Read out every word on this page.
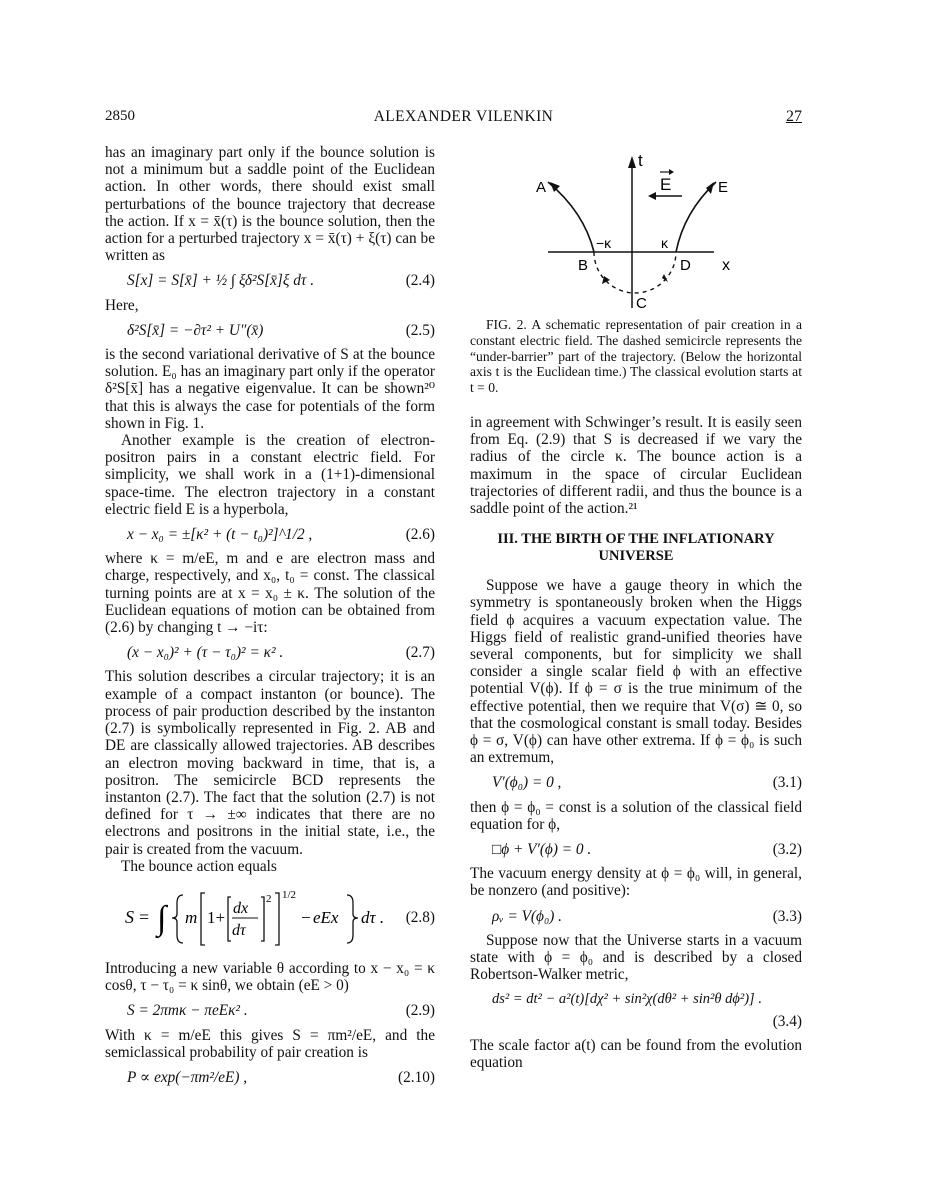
ALEXANDER VILENKIN
2850	27

has an imaginary part only if the bounce solution is not a minimum but a saddle point of the Euclidean action. In other words, there should exist small perturbations of the bounce trajectory that decrease the action. If x = x̄(τ) is the bounce solution, then the action for a perturbed trajectory x = x̄(τ) + ξ(τ) can be written as

S[x] = S[x̄] + ½ ∫ ξδ²S[x̄]ξ dτ .	(2.4)

Here,

δ²S[x̄] = −∂τ² + U″(x̄)	(2.5)

is the second variational derivative of S at the bounce solution. E₀ has an imaginary part only if the operator δ²S[x̄] has a negative eigenvalue. It can be shown²⁰ that this is always the case for potentials of the form shown in Fig. 1.

Another example is the creation of electron-positron pairs in a constant electric field. For simplicity, we shall work in a (1+1)-dimensional space-time. The electron trajectory in a constant electric field E is a hyperbola,

x − x₀ = ±[κ² + (t − t₀)²]^1/2 ,	(2.6)

where κ = m/eE, m and e are electron mass and charge, respectively, and x₀, t₀ = const. The classical turning points are at x = x₀ ± κ. The solution of the Euclidean equations of motion can be obtained from (2.6) by changing t → −iτ:

(x − x₀)² + (τ − τ₀)² = κ² .	(2.7)

This solution describes a circular trajectory; it is an example of a compact instanton (or bounce). The process of pair production described by the instanton (2.7) is symbolically represented in Fig. 2. AB and DE are classically allowed trajectories. AB describes an electron moving backward in time, that is, a positron. The semicircle BCD represents the instanton (2.7). The fact that the solution (2.7) is not defined for τ → ±∞ indicates that there are no electrons and positrons in the initial state, i.e., the pair is created from the vacuum.

The bounce action equals

S = ∫ m 1+ dx
dτ
2 1/2
− eEx dτ . (2.8)

Introducing a new variable θ according to x − x₀ = κ cosθ, τ − τ₀ = κ sinθ, we obtain (eE > 0)

S = 2πmκ − πeEκ² .	(2.9)

With κ = m/eE this gives S = πm²/eE, and the semiclassical probability of pair creation is

P ∝ exp(−πm²/eE) ,	(2.10)
t
x
A	E
B
C
D
−κ	κ
E

FIG. 2. A schematic representation of pair creation in a constant electric field. The dashed semicircle represents the “under-barrier” part of the trajectory. (Below the horizontal axis t is the Euclidean time.) The classical evolution starts at t = 0.

in agreement with Schwinger’s result. It is easily seen from Eq. (2.9) that S is decreased if we vary the radius of the circle κ. The bounce action is a maximum in the space of circular Euclidean trajectories of different radii, and thus the bounce is a saddle point of the action.²¹

III. THE BIRTH OF THE INFLATIONARY UNIVERSE

Suppose we have a gauge theory in which the symmetry is spontaneously broken when the Higgs field ϕ acquires a vacuum expectation value. The Higgs field of realistic grand-unified theories have several components, but for simplicity we shall consider a single scalar field ϕ with an effective potential V(ϕ). If ϕ = σ is the true minimum of the effective potential, then we require that V(σ) ≅ 0, so that the cosmological constant is small today. Besides ϕ = σ, V(ϕ) can have other extrema. If ϕ = ϕ₀ is such an extremum,

V′(ϕ₀) = 0 ,	(3.1)

then ϕ = ϕ₀ = const is a solution of the classical field equation for ϕ,

□ϕ + V′(ϕ) = 0 .	(3.2)

The vacuum energy density at ϕ = ϕ₀ will, in general, be nonzero (and positive):

ρᵥ = V(ϕ₀) .	(3.3)

Suppose now that the Universe starts in a vacuum state with ϕ = ϕ₀ and is described by a closed Robertson-Walker metric,

ds² = dt² − a²(t)[dχ² + sin²χ(dθ² + sin²θ dϕ²)] .
(3.4)

The scale factor a(t) can be found from the evolution equation
